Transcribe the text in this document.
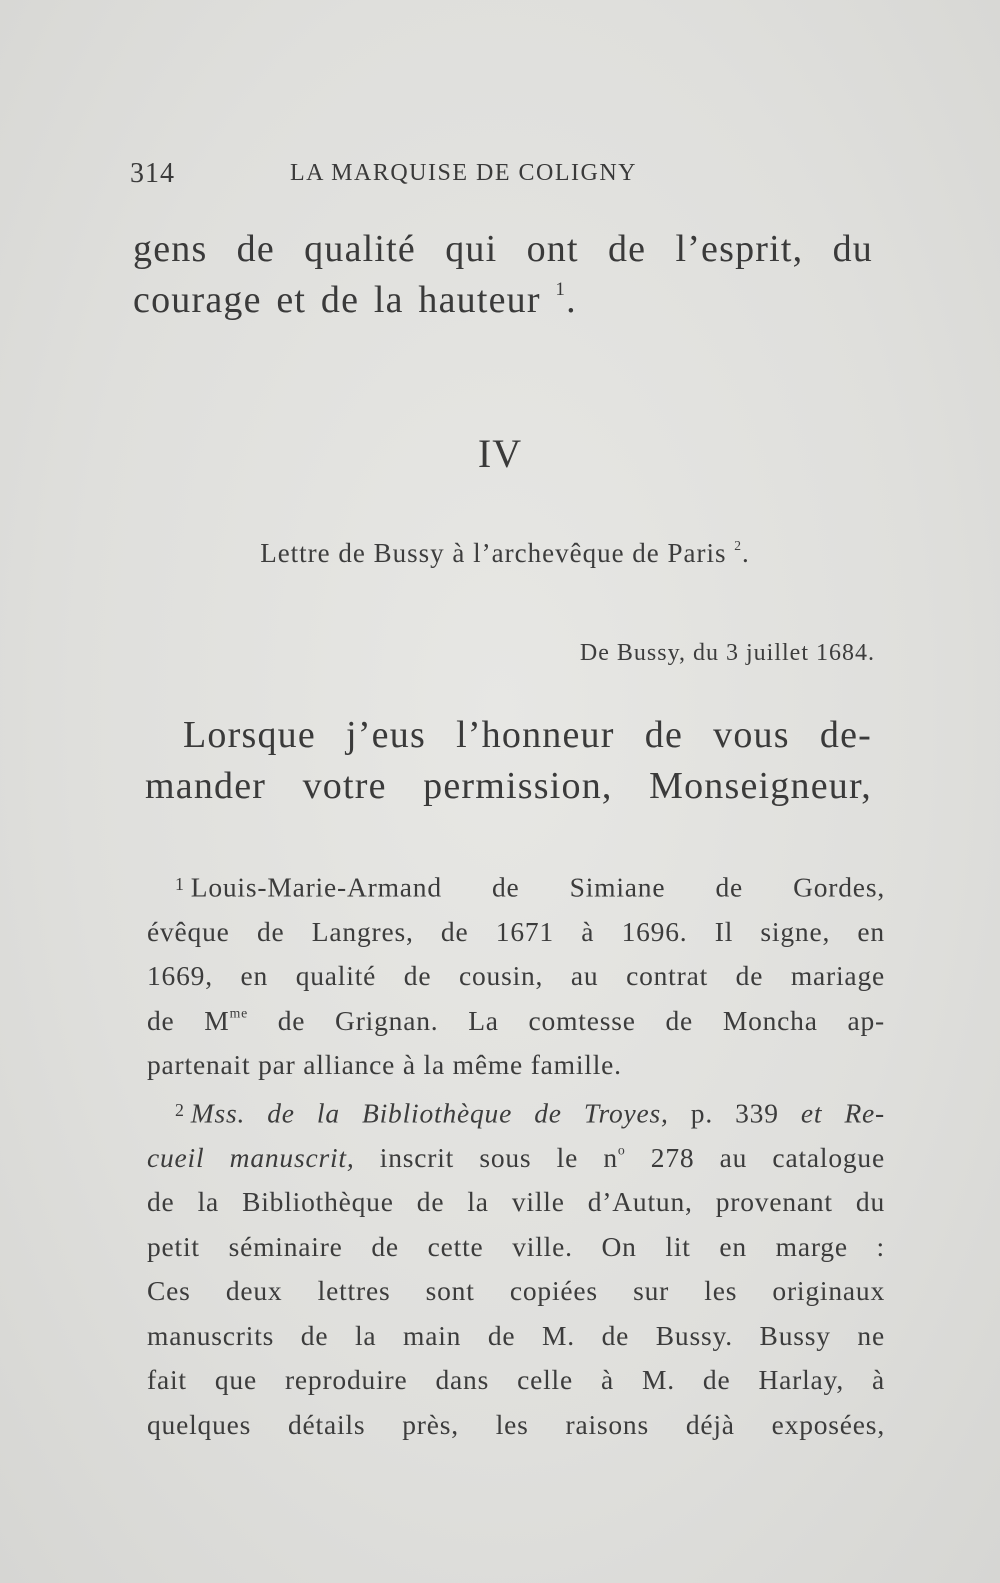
314	LA MARQUISE DE COLIGNY
gens de qualité qui ont de l’esprit, du
courage et de la hauteur $^1$.
IV
Lettre de Bussy à l’archevêque de Paris $^2$.
De Bussy, du 3 juillet 1684.
Lorsque j’eus l’honneur de vous de-
mander votre permission, Monseigneur,
$^1$ Louis-Marie-Armand de Simiane de Gordes,
évêque de Langres, de 1671 à 1696. Il signe, en
1669, en qualité de cousin, au contrat de mariage
de $M^{me}$ de Grignan. La comtesse de Moncha ap-
partenait par alliance à la même famille.
$^2$ Mss. de la Bibliothèque de Troyes, p. 339 et Re-
cueil manuscrit, inscrit sous le $n^o$ 278 au catalogue
de la Bibliothèque de la ville d’Autun, provenant du
petit séminaire de cette ville. On lit en marge :
Ces deux lettres sont copiées sur les originaux
manuscrits de la main de M. de Bussy. Bussy ne
fait que reproduire dans celle à M. de Harlay, à
quelques détails près, les raisons déjà exposées,
